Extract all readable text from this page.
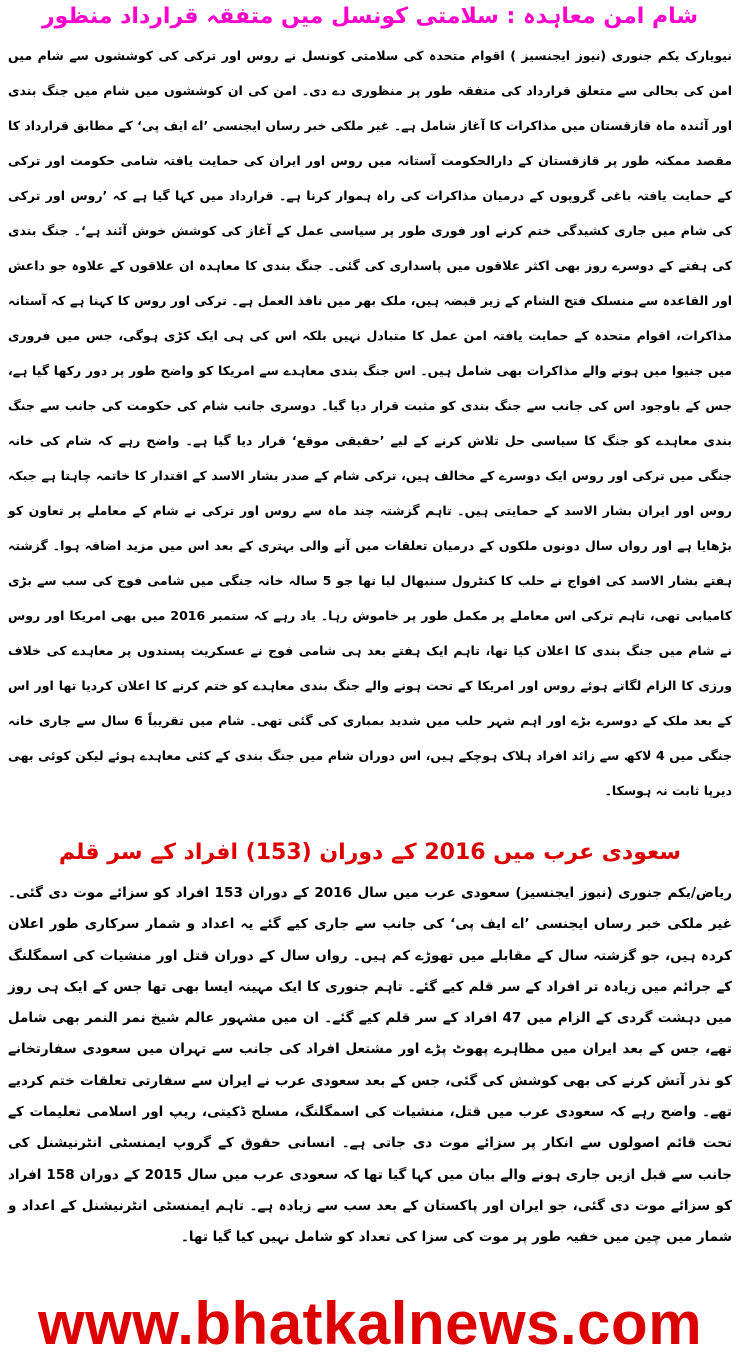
شام امن معاہدہ : سلامتی کونسل میں متفقہ قرارداد منظور

نیویارک یکم جنوری (نیوز ایجنسیز ) اقوام متحدہ کی سلامتی کونسل نے روس اور ترکی کی کوششوں سے شام میں امن کی بحالی سے متعلق قرارداد کی متفقہ طور پر منظوری دے دی۔ امن کی ان کوششوں میں شام میں جنگ بندی اور آئندہ ماہ قازقستان میں مذاکرات کا آغاز شامل ہے۔ غیر ملکی خبر رساں ایجنسی ’اے ایف پی‘ کے مطابق قرارداد کا مقصد ممکنہ طور پر قازقستان کے دارالحکومت آستانہ میں روس اور ایران کی حمایت یافتہ شامی حکومت اور ترکی کے حمایت یافتہ باغی گروپوں کے درمیان مذاکرات کی راہ ہموار کرنا ہے۔ قرارداد میں کہا گیا ہے کہ ’روس اور ترکی کی شام میں جاری کشیدگی ختم کرنے اور فوری طور پر سیاسی عمل کے آغاز کی کوشش خوش آئند ہے‘۔ جنگ بندی کی ہفتے کے دوسرے روز بھی اکثر علاقوں میں پاسداری کی گئی۔ جنگ بندی کا معاہدہ ان علاقوں کے علاوہ جو داعش اور القاعدہ سے منسلک فتح الشام کے زیر قبضہ ہیں، ملک بھر میں نافذ العمل ہے۔ ترکی اور روس کا کہنا ہے کہ آستانہ مذاکرات، اقوام متحدہ کے حمایت یافتہ امن عمل کا متبادل نہیں بلکہ اس کی ہی ایک کڑی ہوگی، جس میں فروری میں جنیوا میں ہونے والے مذاکرات بھی شامل ہیں۔ اس جنگ بندی معاہدے سے امریکا کو واضح طور پر دور رکھا گیا ہے، جس کے باوجود اس کی جانب سے جنگ بندی کو مثبت قرار دیا گیا۔ دوسری جانب شام کی حکومت کی جانب سے جنگ بندی معاہدے کو جنگ کا سیاسی حل تلاش کرنے کے لیے ’حقیقی موقع‘ قرار دیا گیا ہے۔ واضح رہے کہ شام کی خانہ جنگی میں ترکی اور روس ایک دوسرے کے مخالف ہیں، ترکی شام کے صدر بشار الاسد کے اقتدار کا خاتمہ چاہتا ہے جبکہ روس اور ایران بشار الاسد کے حمایتی ہیں۔ تاہم گزشتہ چند ماہ سے روس اور ترکی نے شام کے معاملے پر تعاون کو بڑھایا ہے اور رواں سال دونوں ملکوں کے درمیان تعلقات میں آنے والی بہتری کے بعد اس میں مزید اضافہ ہوا۔ گزشتہ ہفتے بشار الاسد کی افواج نے حلب کا کنٹرول سنبھال لیا تھا جو 5 سالہ خانہ جنگی میں شامی فوج کی سب سے بڑی کامیابی تھی، تاہم ترکی اس معاملے پر مکمل طور پر خاموش رہا۔ یاد رہے کہ ستمبر 2016 میں بھی امریکا اور روس نے شام میں جنگ بندی کا اعلان کیا تھا، تاہم ایک ہفتے بعد ہی شامی فوج نے عسکریت پسندوں پر معاہدے کی خلاف ورزی کا الزام لگاتے ہوئے روس اور امریکا کے تحت ہونے والے جنگ بندی معاہدے کو ختم کرنے کا اعلان کردیا تھا اور اس کے بعد ملک کے دوسرے بڑے اور اہم شہر حلب میں شدید بمباری کی گئی تھی۔ شام میں تقریباً 6 سال سے جاری خانہ جنگی میں 4 لاکھ سے زائد افراد ہلاک ہوچکے ہیں، اس دوران شام میں جنگ بندی کے کئی معاہدے ہوئے لیکن کوئی بھی دیرپا ثابت نہ ہوسکا۔

سعودی عرب میں 2016 کے دوران (153) افراد کے سر قلم

ریاض/یکم جنوری (نیوز ایجنسیز) سعودی عرب میں سال 2016 کے دوران 153 افراد کو سزائے موت دی گئی۔ غیر ملکی خبر رساں ایجنسی ’اے ایف پی‘ کی جانب سے جاری کیے گئے یہ اعداد و شمار سرکاری طور اعلان کردہ ہیں، جو گزشتہ سال کے مقابلے میں تھوڑے کم ہیں۔ رواں سال کے دوران قتل اور منشیات کی اسمگلنگ کے جرائم میں زیادہ تر افراد کے سر قلم کیے گئے۔ تاہم جنوری کا ایک مہینہ ایسا بھی تھا جس کے ایک ہی روز میں دہشت گردی کے الزام میں 47 افراد کے سر قلم کیے گئے۔ ان میں مشہور عالم شیخ نمر النمر بھی شامل تھے، جس کے بعد ایران میں مظاہرے پھوٹ پڑے اور مشتعل افراد کی جانب سے تہران میں سعودی سفارتخانے کو نذر آتش کرنے کی بھی کوشش کی گئی، جس کے بعد سعودی عرب نے ایران سے سفارتی تعلقات ختم کردیے تھے۔ واضح رہے کہ سعودی عرب میں قتل، منشیات کی اسمگلنگ، مسلح ڈکیتی، ریپ اور اسلامی تعلیمات کے تحت قائم اصولوں سے انکار پر سزائے موت دی جاتی ہے۔ انسانی حقوق کے گروپ ایمنسٹی انٹرنیشنل کی جانب سے قبل ازیں جاری ہونے والے بیان میں کہا گیا تھا کہ سعودی عرب میں سال 2015 کے دوران 158 افراد کو سزائے موت دی گئی، جو ایران اور پاکستان کے بعد سب سے زیادہ ہے۔ تاہم ایمنسٹی انٹرنیشنل کے اعداد و شمار میں چین میں خفیہ طور پر موت کی سزا کی تعداد کو شامل نہیں کیا گیا تھا۔

www.bhatkalnews.com
